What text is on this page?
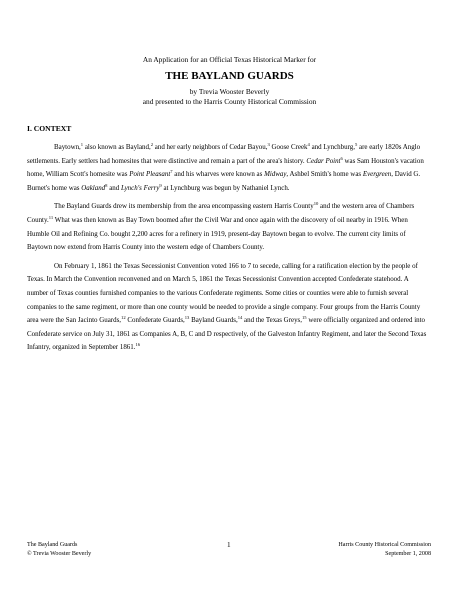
An Application for an Official Texas Historical Marker for
THE BAYLAND GUARDS
by Trevia Wooster Beverly
and presented to the Harris County Historical Commission
I. CONTEXT

Baytown,$^1$ also known as Bayland,$^2$ and her early neighbors of Cedar Bayou,$^3$ Goose Creek$^4$ and Lynchburg,$^5$ are early 1820s Anglo settlements. Early settlers had homesites that were distinctive and remain a part of the area's history. Cedar Point$^6$ was Sam Houston's vacation home, William Scott's homesite was Point Pleasant$^7$ and his wharves were known as Midway, Ashbel Smith's home was Evergreen, David G. Burnet's home was Oakland$^8$ and Lynch's Ferry$^9$ at Lynchburg was begun by Nathaniel Lynch.

The Bayland Guards drew its membership from the area encompassing eastern Harris County$^{10}$ and the western area of Chambers County.$^{11}$ What was then known as Bay Town boomed after the Civil War and once again with the discovery of oil nearby in 1916. When Humble Oil and Refining Co. bought 2,200 acres for a refinery in 1919, present-day Baytown began to evolve. The current city limits of Baytown now extend from Harris County into the western edge of Chambers County.

On February 1, 1861 the Texas Secessionist Convention voted 166 to 7 to secede, calling for a ratification election by the people of Texas. In March the Convention reconvened and on March 5, 1861 the Texas Secessionist Convention accepted Confederate statehood. A number of Texas counties furnished companies to the various Confederate regiments. Some cities or counties were able to furnish several companies to the same regiment, or more than one county would be needed to provide a single company. Four groups from the Harris County area were the San Jacinto Guards,$^{12}$ Confederate Guards,$^{13}$ Bayland Guards,$^{14}$ and the Texas Greys,$^{15}$ were officially organized and ordered into Confederate service on July 31, 1861 as Companies A, B, C and D respectively, of the Galveston Infantry Regiment, and later the Second Texas Infantry, organized in September 1861.16

The Bayland Guards
© Trevia Wooster Beverly
1	Harris County Historical Commission
September 1, 2008
